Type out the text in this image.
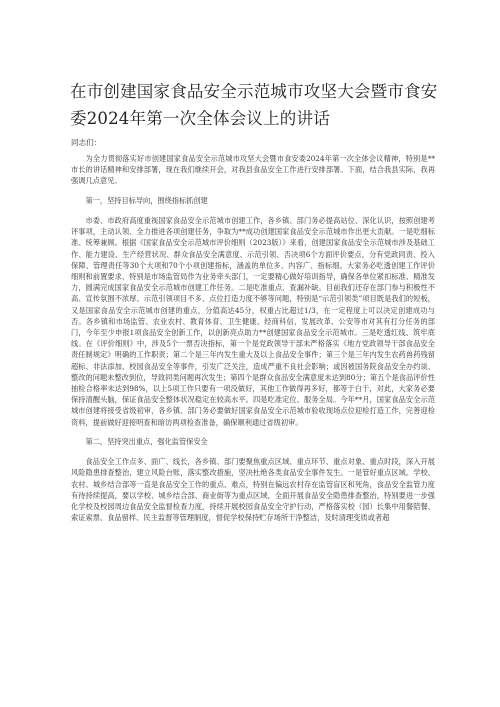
在市创建国家食品安全示范城市攻坚大会暨市食安委2024年第一次全体会议上的讲话

同志们：

为全力贯彻落实好市创建国家食品安全示范城市攻坚大会暨市食安委2024年第一次全体会议精神，特别是**市长的讲话精神和安排部署，现在我们继续开会，对我县食品安全工作进行安排部署。下面，结合我县实际，我再强调几点意见。

第一，坚持目标导向，围绕指标抓创建

市委、市政府高度重视国家食品安全示范城市创建工作，各乡镇、部门务必提高站位、深化认识，按照创建考评事项，主动认领、全力推进各项创建任务，争取为**成功创建国家食品安全示范城市作出更大贡献。一是吃细标准、统筹兼顾。根据《国家食品安全示范城市评价细则（2023版）》来看，创建国家食品安全示范城市涉及基础工作、能力建设、生产经营状况、群众食品安全满意度、示范引领、否决项6个方面评价要点，分有党政同责、投入保障、管理责任等30个大项和70个小项创建指标，涵盖的单位多、内容广、指标细。大家务必吃透创建工作评价细则和前置要求，特别是市场监管局作为业务牵头部门，一定要精心做好培训指导，确保各单位紧扣标准、精准发力，圆满完成国家食品安全示范城市创建工作任务。二是吃准重点、查漏补缺。目前我们还存在部门参与积极性不高、宣传氛围不浓厚、示范引领项目不多、点位打造力度不够等问题，特别是“示范引领类”项目既是我们的短板，又是国家食品安全示范城市创建的重点，分值高达45分，权重占比超过1/3，在一定程度上可以决定创建成功与否。各乡镇和市场监管、农业农村、教育体育、卫生健康、经商科信、发展改革、公安等市对其有打分任务的部门，今年至少申报1项食品安全创新工作，以创新亮点助力**创建国家食品安全示范城市。三是吃透红线、筑牢底线。在《评价细则》中，涉及5个一票否决指标，第一个是党政领导干部未严格落实《地方党政领导干部食品安全责任制规定》明确的工作职责；第二个是三年内发生重大及以上食品安全事件；第三个是三年内发生农药兽药残留超标、非法添加、校园食品安全等事件，引发广泛关注，造成严重不良社会影响；或因被国务院食品安全办约谈、整改的问题未整改到位，导致同类问题再次发生；第四个是群众食品安全满意度未达到80分；第五个是食品评价性抽检合格率未达到98%，以上5项工作只要有一项没做好，其他工作做得再多好，都等于白干，对此，大家务必要保持清醒头脑，保证食品安全整体状况稳定在较高水平。四是吃准定位、服务全局。今年**月，国家食品安全示范城市创建将接受省级初审，各乡镇、部门务必要做好国家食品安全示范城市验收现场点位迎检打造工作，完善迎检资料，提前做好迎接明查和暗访两项检查准备，确保顺利通过省级初审。

第二，坚持突出重点，强化监管保安全

食品安全工作点多、面广、线长，各乡镇、部门要聚焦重点区域、重点环节、重点对象、重点时段，深入开展风险隐患排查整治，建立风险台账，落实整改措施，坚决杜绝各类食品安全事件发生。一是管好重点区域。学校、农村、城乡结合部等一直是食品安全工作的重点、难点，特别在偏远农村存在监管盲区和死角，食品安全监管力度有待持续提高，要以学校、城乡结合部、商业街等为重点区域，全面开展食品安全隐患排查整治，特别要进一步强化学校及校园周边食品安全监督检查力度，持续开展校园食品安全守护行动，严格落实校（园）长集中用餐陪餐、索证索票、食品留样、民主监督等管理制度，督促学校保持贮存场所干净整洁，及时清理变质或者超
